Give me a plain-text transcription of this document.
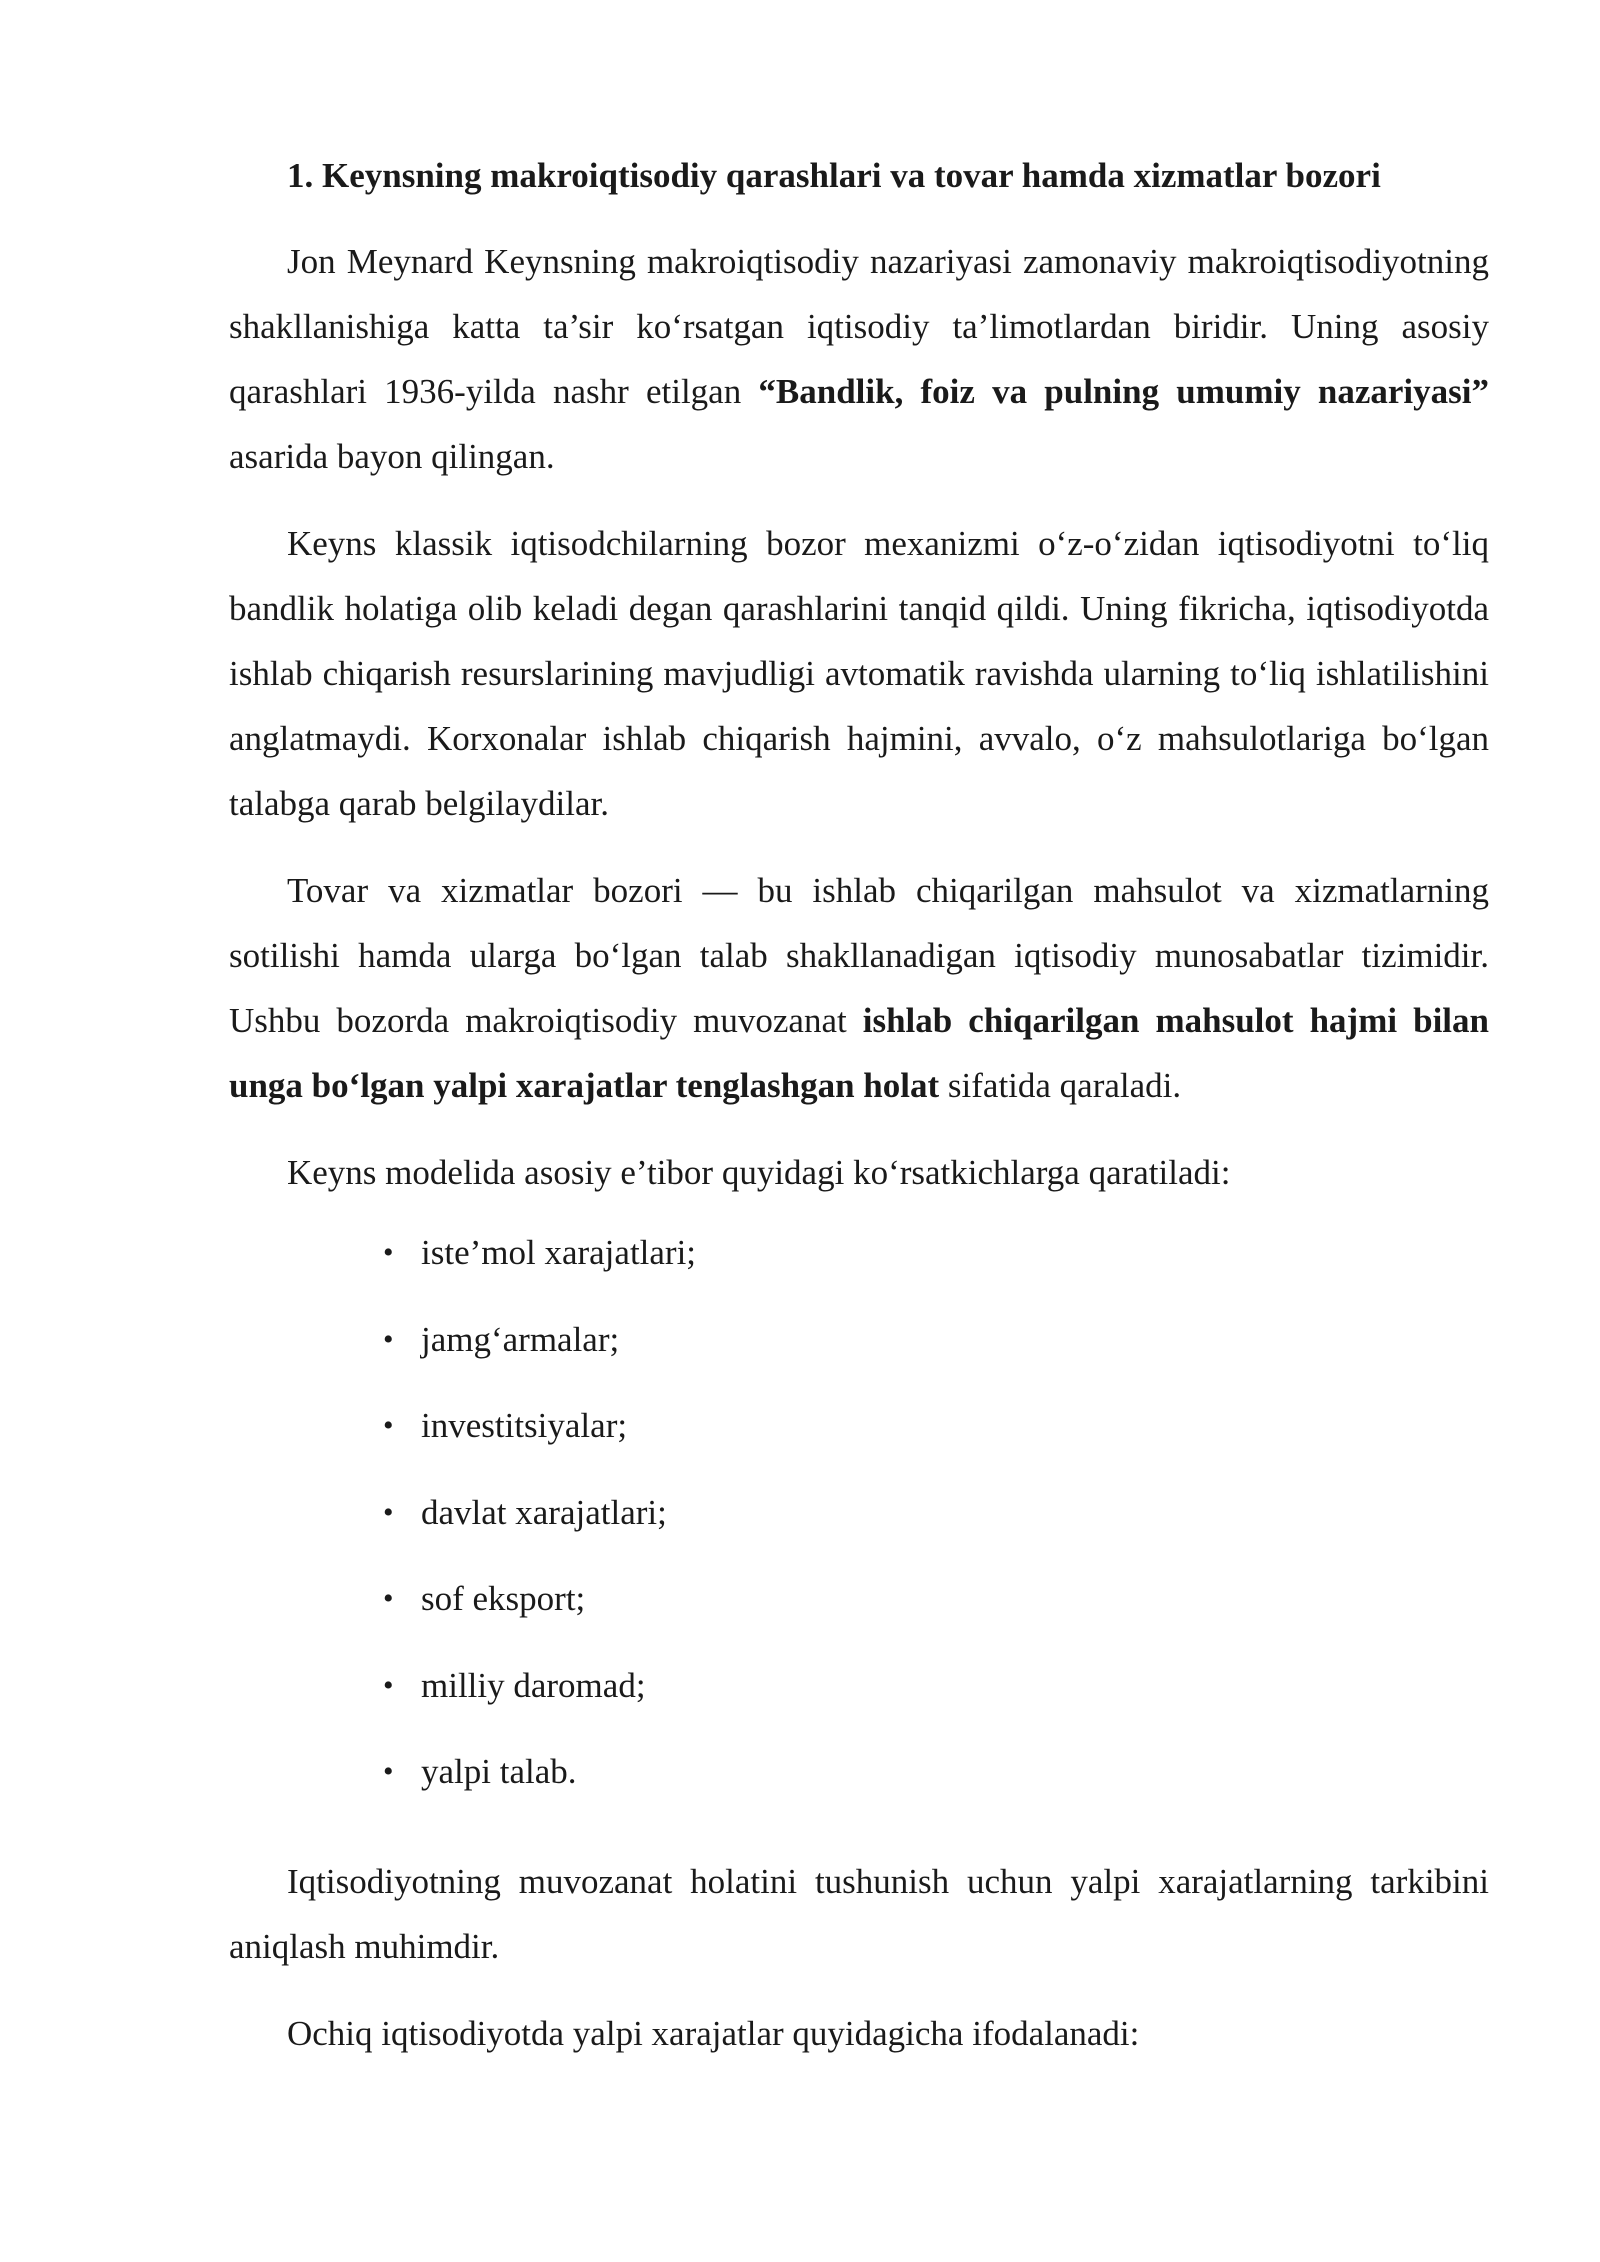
1. Keynsning makroiqtisodiy qarashlari va tovar hamda xizmatlar bozori

Jon Meynard Keynsning makroiqtisodiy nazariyasi zamonaviy makroiqtisodiyotning shakllanishiga katta ta’sir ko‘rsatgan iqtisodiy ta’limotlardan biridir. Uning asosiy qarashlari 1936-yilda nashr etilgan “Bandlik, foiz va pulning umumiy nazariyasi” asarida bayon qilingan.

Keyns klassik iqtisodchilarning bozor mexanizmi o‘z-o‘zidan iqtisodiyotni to‘liq bandlik holatiga olib keladi degan qarashlarini tanqid qildi. Uning fikricha, iqtisodiyotda ishlab chiqarish resurslarining mavjudligi avtomatik ravishda ularning to‘liq ishlatilishini anglatmaydi. Korxonalar ishlab chiqarish hajmini, avvalo, o‘z mahsulotlariga bo‘lgan talabga qarab belgilaydilar.

Tovar va xizmatlar bozori — bu ishlab chiqarilgan mahsulot va xizmatlarning sotilishi hamda ularga bo‘lgan talab shakllanadigan iqtisodiy munosabatlar tizimidir. Ushbu bozorda makroiqtisodiy muvozanat ishlab chiqarilgan mahsulot hajmi bilan unga bo‘lgan yalpi xarajatlar tenglashgan holat sifatida qaraladi.

Keyns modelida asosiy e’tibor quyidagi ko‘rsatkichlarga qaratiladi:

• iste’mol xarajatlari;
• jamg‘armalar;
• investitsiyalar;
• davlat xarajatlari;
• sof eksport;
• milliy daromad;
• yalpi talab.

Iqtisodiyotning muvozanat holatini tushunish uchun yalpi xarajatlarning tarkibini aniqlash muhimdir.

Ochiq iqtisodiyotda yalpi xarajatlar quyidagicha ifodalanadi:
